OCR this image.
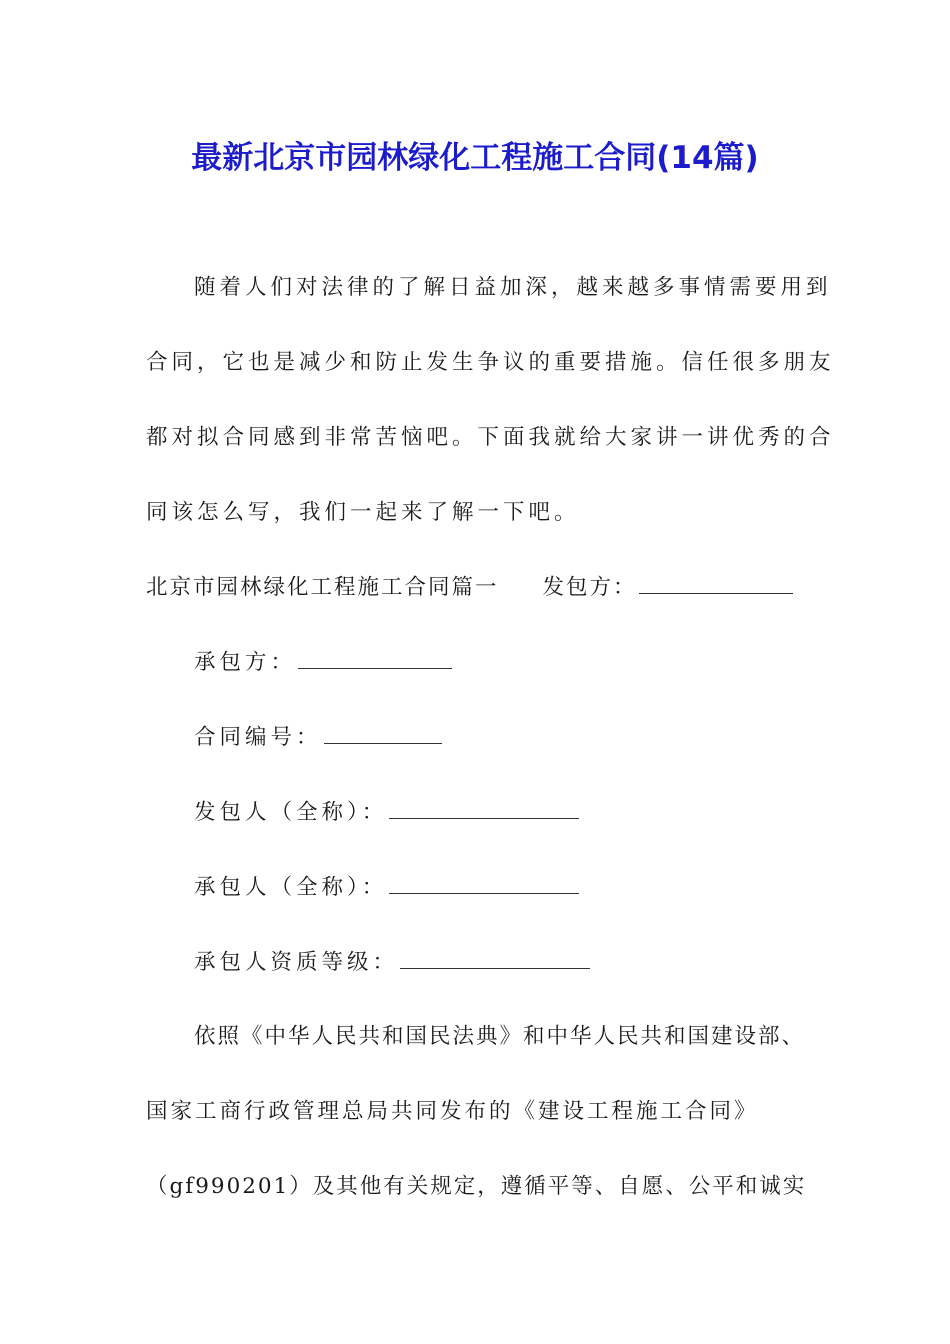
最新北京市园林绿化工程施工合同(14篇)
随着人们对法律的了解日益加深，越来越多事情需要用到
合同，它也是减少和防止发生争议的重要措施。信任很多朋友
都对拟合同感到非常苦恼吧。下面我就给大家讲一讲优秀的合
同该怎么写，我们一起来了解一下吧。
北京市园林绿化工程施工合同篇一 发包方：
承包方：
合同编号：
发包人（全称）：
承包人（全称）：
承包人资质等级：
依照《中华人民共和国民法典》和中华人民共和国建设部、
国家工商行政管理总局共同发布的《建设工程施工合同》
（gf990201）及其他有关规定，遵循平等、自愿、公平和诚实
